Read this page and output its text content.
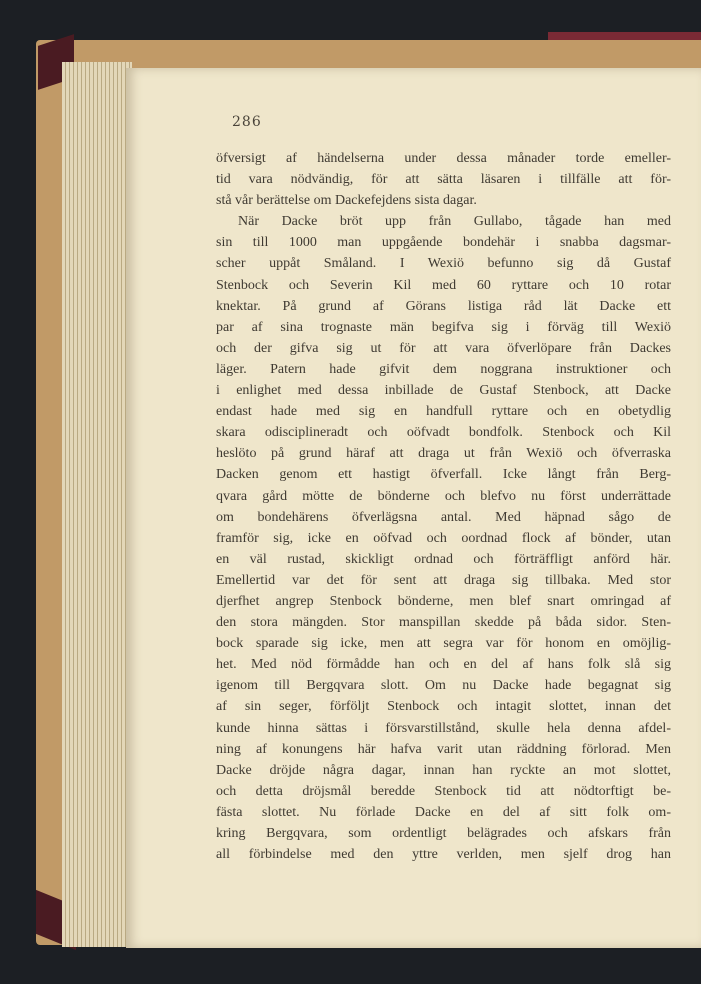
286
öfversigt af händelserna under dessa månader torde emeller-
tid vara nödvändig, för att sätta läsaren i tillfälle att för-
stå vår berättelse om Dackefejdens sista dagar.
När Dacke bröt upp från Gullabo, tågade han med
sin till 1000 man uppgående bondehär i snabba dagsmar-
scher uppåt Småland. I Wexiö befunno sig då Gustaf
Stenbock och Severin Kil med 60 ryttare och 10 rotar
knektar. På grund af Görans listiga råd lät Dacke ett
par af sina trognaste män begifva sig i förväg till Wexiö
och der gifva sig ut för att vara öfverlöpare från Dackes
läger. Patern hade gifvit dem noggrana instruktioner och
i enlighet med dessa inbillade de Gustaf Stenbock, att Dacke
endast hade med sig en handfull ryttare och en obetydlig
skara odisciplineradt och oöfvadt bondfolk. Stenbock och Kil
heslöto på grund häraf att draga ut från Wexiö och öfverraska
Dacken genom ett hastigt öfverfall. Icke långt från Berg-
qvara gård mötte de bönderne och blefvo nu först underrättade
om bondehärens öfverlägsna antal. Med häpnad sågo de
framför sig, icke en oöfvad och oordnad flock af bönder, utan
en väl rustad, skickligt ordnad och förträffligt anförd här.
Emellertid var det för sent att draga sig tillbaka. Med stor
djerfhet angrep Stenbock bönderne, men blef snart omringad af
den stora mängden. Stor manspillan skedde på båda sidor. Sten-
bock sparade sig icke, men att segra var för honom en omöjlig-
het. Med nöd förmådde han och en del af hans folk slå sig
igenom till Bergqvara slott. Om nu Dacke hade begagnat sig
af sin seger, förföljt Stenbock och intagit slottet, innan det
kunde hinna sättas i försvarstillstånd, skulle hela denna afdel-
ning af konungens här hafva varit utan räddning förlorad. Men
Dacke dröjde några dagar, innan han ryckte an mot slottet,
och detta dröjsmål beredde Stenbock tid att nödtorftigt be-
fästa slottet. Nu förlade Dacke en del af sitt folk om-
kring Bergqvara, som ordentligt belägrades och afskars från
all förbindelse med den yttre verlden, men sjelf drog han
